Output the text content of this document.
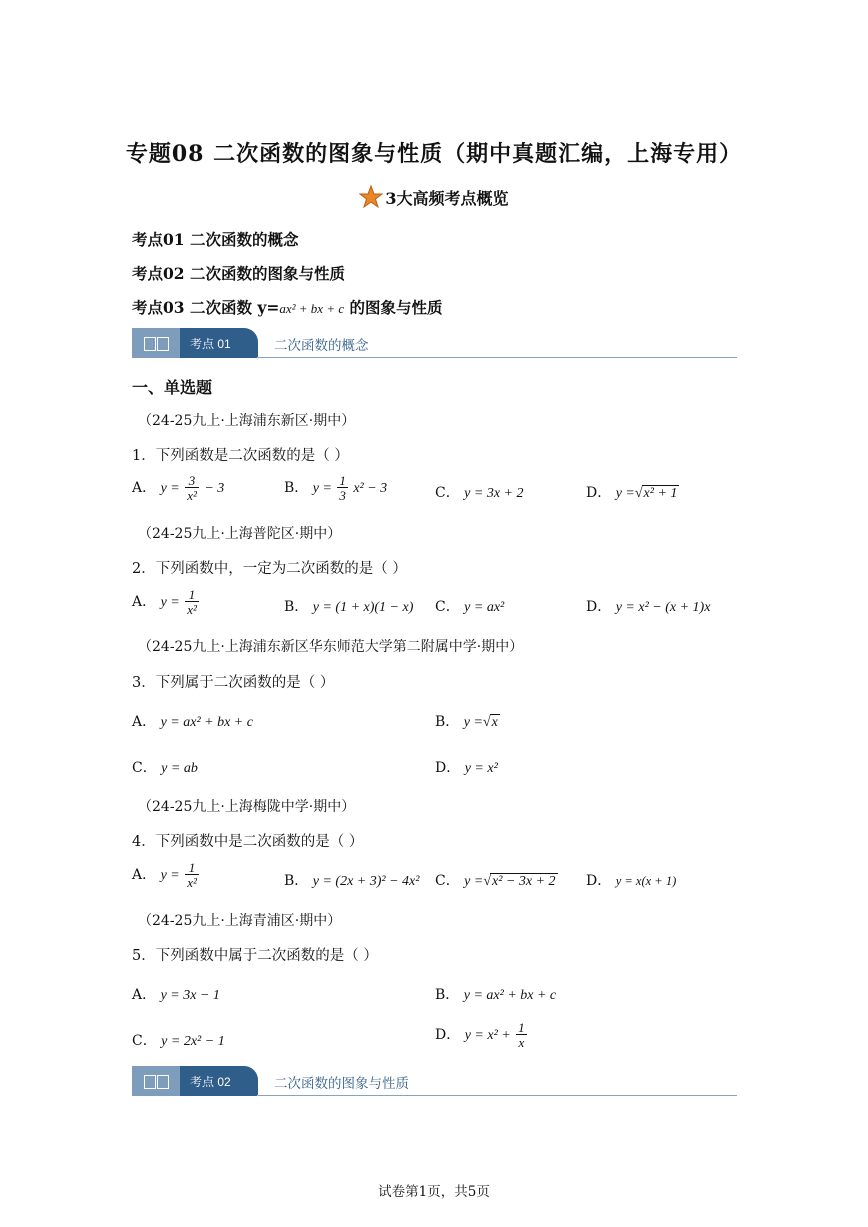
专题08 二次函数的图象与性质（期中真题汇编，上海专用）
3大高频考点概览
考点01 二次函数的概念
考点02 二次函数的图象与性质
考点03 二次函数 y=ax² + bx + c 的图象与性质
考点 01	二次函数的概念
一、单选题
（24-25九上·上海浦东新区·期中）
1．下列函数是二次函数的是（ ）
A． $y = \frac{3}{\text{x²}} - 3$	B． $y = \frac{1}{3} x^2 - 3$	C． y = 3x + 2	D． y =√x² + 1
（24-25九上·上海普陀区·期中）
2．下列函数中，一定为二次函数的是（ ）
A． $y = \frac{1}{\text{x²}}$	B． y = (1 + x)(1 − x) C． y = ax²	D． y = x² − (x + 1)x
（24-25九上·上海浦东新区华东师范大学第二附属中学·期中）
3．下列属于二次函数的是（ ）
A． y = ax² + bx + c	B． y =√x
C． y = ab	D． y = x²
（24-25九上·上海梅陇中学·期中）
4．下列函数中是二次函数的是（ ）
A． $y = \frac{1}{\text{x²}}$	B． y = (2x + 3)² − 4x² C． y =√x² − 3x + 2 D． y = x(x + 1)
（24-25九上·上海青浦区·期中）
5．下列函数中属于二次函数的是（ ）
A． y = 3x − 1	B． y = ax² + bx + c
C． y = 2x² − 1	D． $y = x^2 + \frac{1}{x}$
考点 02	二次函数的图象与性质
试卷第1页，共5页
